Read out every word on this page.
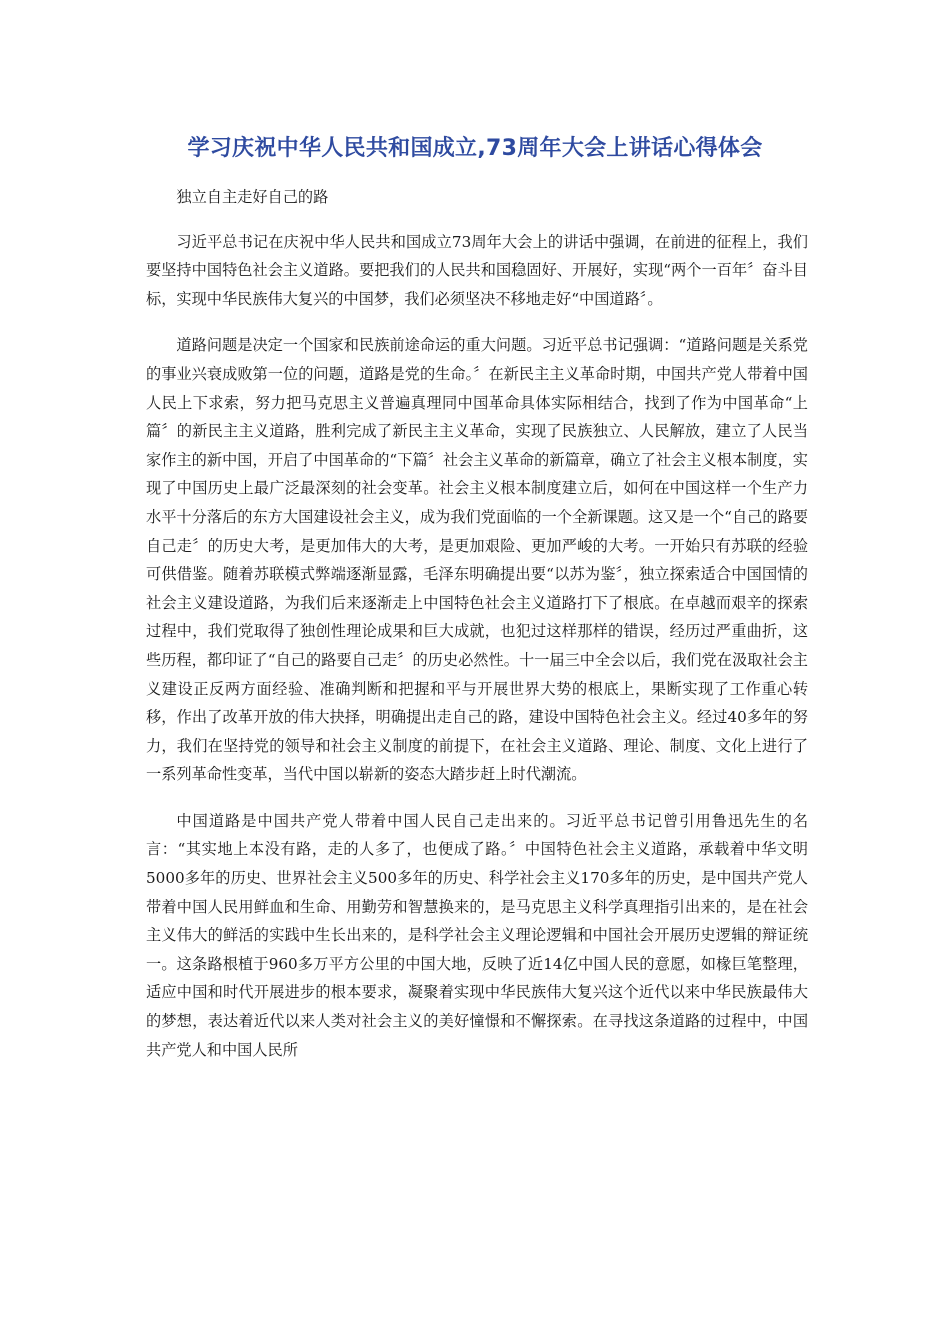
学习庆祝中华人民共和国成立,73周年大会上讲话心得体会

独立自主走好自己的路

习近平总书记在庆祝中华人民共和国成立73周年大会上的讲话中强调，在前进的征程上，我们要坚持中国特色社会主义道路。要把我们的人民共和国稳固好、开展好，实现“两个一百年〞奋斗目标，实现中华民族伟大复兴的中国梦，我们必须坚决不移地走好“中国道路〞。

道路问题是决定一个国家和民族前途命运的重大问题。习近平总书记强调：“道路问题是关系党的事业兴衰成败第一位的问题，道路是党的生命。〞在新民主主义革命时期，中国共产党人带着中国人民上下求索，努力把马克思主义普遍真理同中国革命具体实际相结合，找到了作为中国革命“上篇〞的新民主主义道路，胜利完成了新民主主义革命，实现了民族独立、人民解放，建立了人民当家作主的新中国，开启了中国革命的“下篇〞社会主义革命的新篇章，确立了社会主义根本制度，实现了中国历史上最广泛最深刻的社会变革。社会主义根本制度建立后，如何在中国这样一个生产力水平十分落后的东方大国建设社会主义，成为我们党面临的一个全新课题。这又是一个“自己的路要自己走〞的历史大考，是更加伟大的大考，是更加艰险、更加严峻的大考。一开始只有苏联的经验可供借鉴。随着苏联模式弊端逐渐显露，毛泽东明确提出要“以苏为鉴〞，独立探索适合中国国情的社会主义建设道路，为我们后来逐渐走上中国特色社会主义道路打下了根底。在卓越而艰辛的探索过程中，我们党取得了独创性理论成果和巨大成就，也犯过这样那样的错误，经历过严重曲折，这些历程，都印证了“自己的路要自己走〞的历史必然性。十一届三中全会以后，我们党在汲取社会主义建设正反两方面经验、准确判断和把握和平与开展世界大势的根底上，果断实现了工作重心转移，作出了改革开放的伟大抉择，明确提出走自己的路，建设中国特色社会主义。经过40多年的努力，我们在坚持党的领导和社会主义制度的前提下，在社会主义道路、理论、制度、文化上进行了一系列革命性变革，当代中国以崭新的姿态大踏步赶上时代潮流。

中国道路是中国共产党人带着中国人民自己走出来的。习近平总书记曾引用鲁迅先生的名言：“其实地上本没有路，走的人多了，也便成了路。〞中国特色社会主义道路，承载着中华文明5000多年的历史、世界社会主义500多年的历史、科学社会主义170多年的历史，是中国共产党人带着中国人民用鲜血和生命、用勤劳和智慧换来的，是马克思主义科学真理指引出来的，是在社会主义伟大的鲜活的实践中生长出来的，是科学社会主义理论逻辑和中国社会开展历史逻辑的辩证统一。这条路根植于960多万平方公里的中国大地，反映了近14亿中国人民的意愿，如椽巨笔整理，适应中国和时代开展进步的根本要求，凝聚着实现中华民族伟大复兴这个近代以来中华民族最伟大的梦想，表达着近代以来人类对社会主义的美好憧憬和不懈探索。在寻找这条道路的过程中，中国共产党人和中国人民所
